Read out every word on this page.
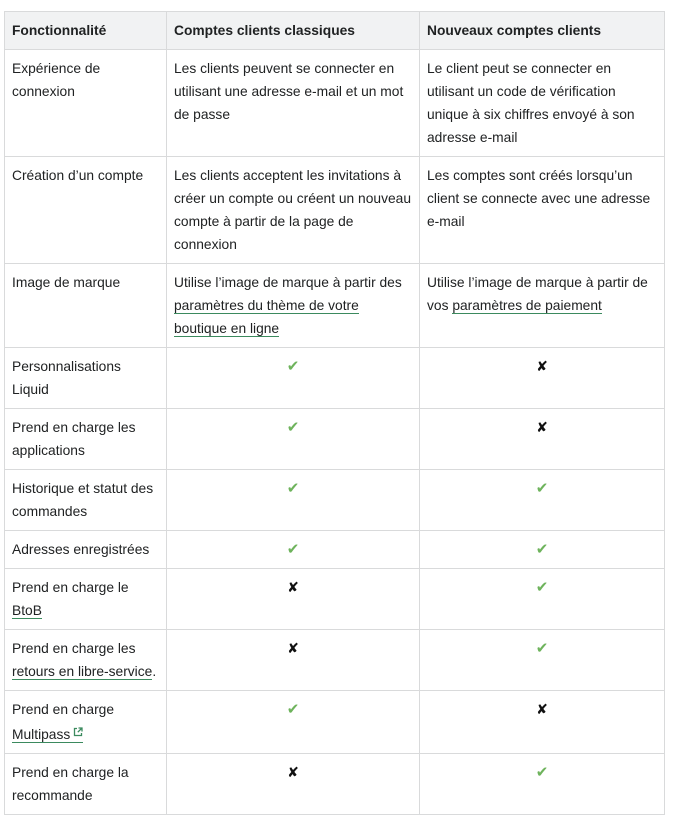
Fonctionnalité	Comptes clients classiques	Nouveaux comptes clients
Expérience de connexion	Les clients peuvent se connecter en utilisant une adresse e-mail et un mot de passe	Le client peut se connecter en utilisant un code de vérification unique à six chiffres envoyé à son adresse e-mail
Création d’un compte	Les clients acceptent les invitations à créer un compte ou créent un nouveau compte à partir de la page de connexion	Les comptes sont créés lorsqu’un client se connecte avec une adresse e-mail
Image de marque	Utilise l’image de marque à partir des paramètres du thème de votre boutique en ligne	Utilise l’image de marque à partir de vos paramètres de paiement
Personnalisations Liquid	✔	✘
Prend en charge les applications	✔	✘
Historique et statut des commandes	✔	✔
Adresses enregistrées	✔	✔
Prend en charge le BtoB	✘	✔
Prend en charge les retours en libre-service.	✘	✔
Prend en charge Multipass	✔	✘
Prend en charge la recommande	✘	✔
